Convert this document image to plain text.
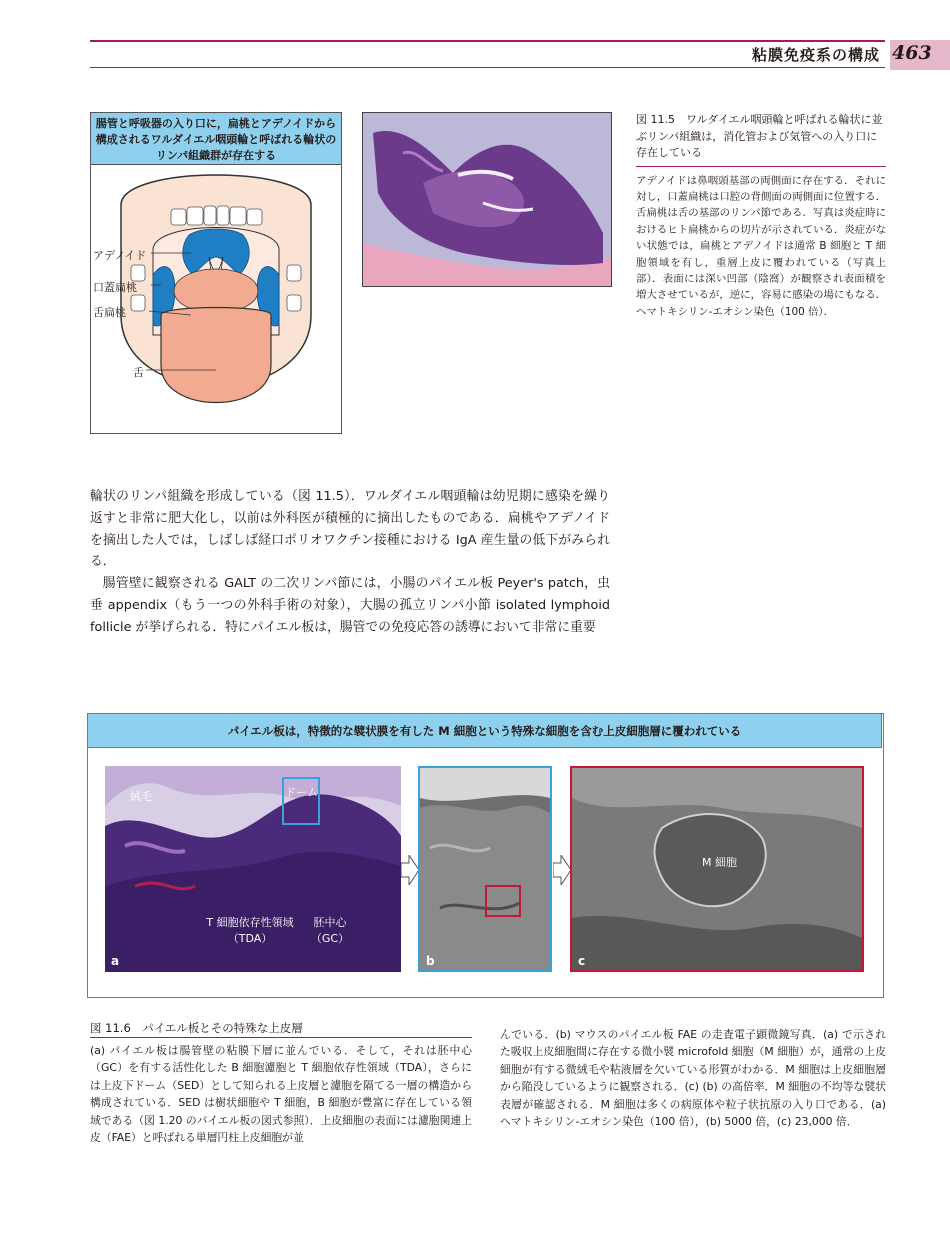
粘膜免疫系の構成 463
腸管と呼吸器の入り口に，扁桃とアデノイドから構成されるワルダイエル咽頭輪と呼ばれる輪状のリンパ組織群が存在する
アデノイド
口蓋扁桃
舌扁桃
舌
図 11.5　ワルダイエル咽頭輪と呼ばれる輪状に並ぶリンパ組織は，消化管および気管への入り口に存在している
アデノイドは鼻咽頭基部の両側面に存在する．それに対し，口蓋扁桃は口腔の背側面の両側面に位置する．舌扁桃は舌の基部のリンパ節である．写真は炎症時におけるヒト扁桃からの切片が示されている．炎症がない状態では，扁桃とアデノイドは通常 B 細胞と T 細胞領域を有し，重層上皮に覆われている（写真上部）．表面には深い凹部（陰窩）が観察され表面積を増大させているが，逆に，容易に感染の場にもなる．ヘマトキシリン-エオシン染色（100 倍）．
輪状のリンパ組織を形成している（図 11.5）．ワルダイエル咽頭輪は幼児期に感染を繰り返すと非常に肥大化し，以前は外科医が積極的に摘出したものである．扁桃やアデノイドを摘出した人では，しばしば経口ポリオワクチン接種における IgA 産生量の低下がみられる．
腸管壁に観察される GALT の二次リンパ節には，小腸のパイエル板 Peyer's patch，虫垂 appendix（もう一つの外科手術の対象），大腸の孤立リンパ小節 isolated lymphoid follicle が挙げられる．特にパイエル板は，腸管での免疫応答の誘導において非常に重要
パイエル板は，特徴的な襞状膜を有した M 細胞という特殊な細胞を含む上皮細胞層に覆われている
絨毛	ドーム
T 細胞依存性領域
（TDA）
胚中心
（GC）
a	b
M 細胞
c
図 11.6　パイエル板とその特殊な上皮層
(a) パイエル板は腸管壁の粘膜下層に並んでいる．そして，それは胚中心（GC）を有する活性化した B 細胞濾胞と T 細胞依存性領域（TDA），さらには上皮下ドーム（SED）として知られる上皮層と濾胞を隔てる一層の構造から構成されている．SED は樹状細胞や T 細胞，B 細胞が豊富に存在している領域である（図 1.20 のパイエル板の図式参照）．上皮細胞の表面には濾胞関連上皮（FAE）と呼ばれる単層円柱上皮細胞が並
んでいる．(b) マウスのパイエル板 FAE の走査電子顕微鏡写真．(a) で示された吸収上皮細胞間に存在する微小襞 microfold 細胞（M 細胞）が，通常の上皮細胞が有する微絨毛や粘液層を欠いている形質がわかる．M 細胞は上皮細胞層から陥没しているように観察される．(c) (b) の高倍率．M 細胞の不均等な襞状表層が確認される．M 細胞は多くの病原体や粒子状抗原の入り口である．(a) ヘマトキシリン-エオシン染色（100 倍），(b) 5000 倍，(c) 23,000 倍．
